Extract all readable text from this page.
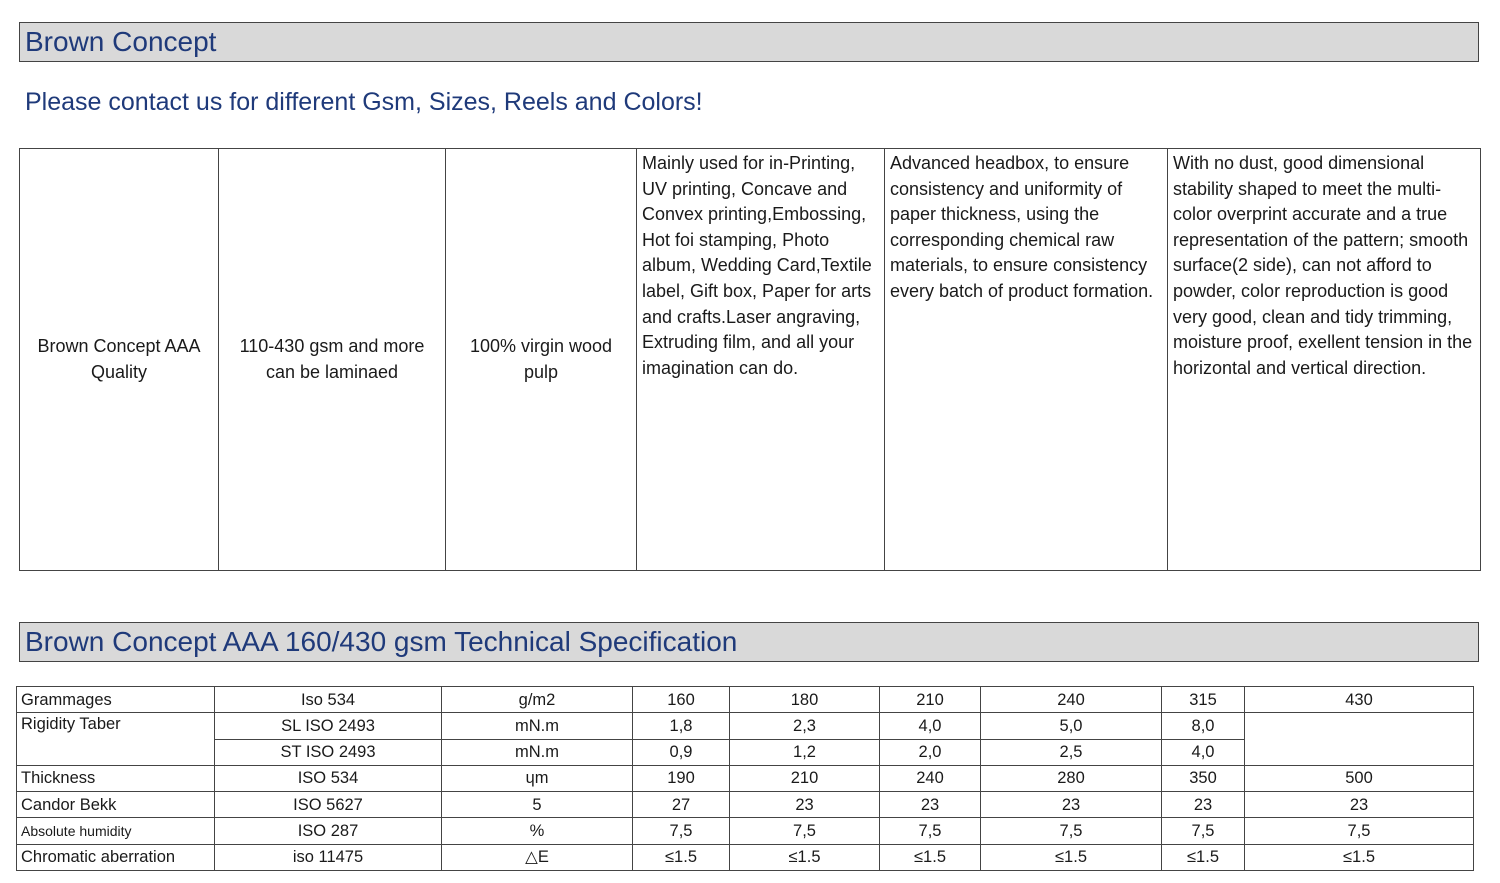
Brown Concept
Please contact us for different Gsm, Sizes, Reels and Colors!
Brown Concept AAA Quality	110-430 gsm and more can be laminaed	100% virgin wood pulp	Mainly used for in-Printing, UV printing, Concave and Convex printing,Embossing, Hot foi stamping, Photo album, Wedding Card,Textile label, Gift box, Paper for arts and crafts.Laser angraving, Extruding film, and all your imagination can do.	Advanced headbox, to ensure consistency and uniformity of paper thickness, using the corresponding chemical raw materials, to ensure consistency every batch of product formation.	With no dust, good dimensional stability shaped to meet the multi-color overprint accurate and a true representation of the pattern; smooth surface(2 side), can not afford to powder, color reproduction is good very good, clean and tidy trimming, moisture proof, exellent tension in the horizontal and vertical direction.
Brown Concept AAA 160/430 gsm Technical Specification
Grammages	Iso 534	g/m2	160	180	210	240	315	430
Rigidity Taber	SL ISO 2493	mN.m	1,8	2,3	4,0	5,0	8,0	
	ST ISO 2493	mN.m	0,9	1,2	2,0	2,5	4,0	
Thickness	ISO 534	ɥm	190	210	240	280	350	500
Candor Bekk	ISO 5627	5	27	23	23	23	23	23
Absolute humidity	ISO 287	%	7,5	7,5	7,5	7,5	7,5	7,5
Chromatic aberration	iso 11475	△E	≤1.5	≤1.5	≤1.5	≤1.5	≤1.5	≤1.5
